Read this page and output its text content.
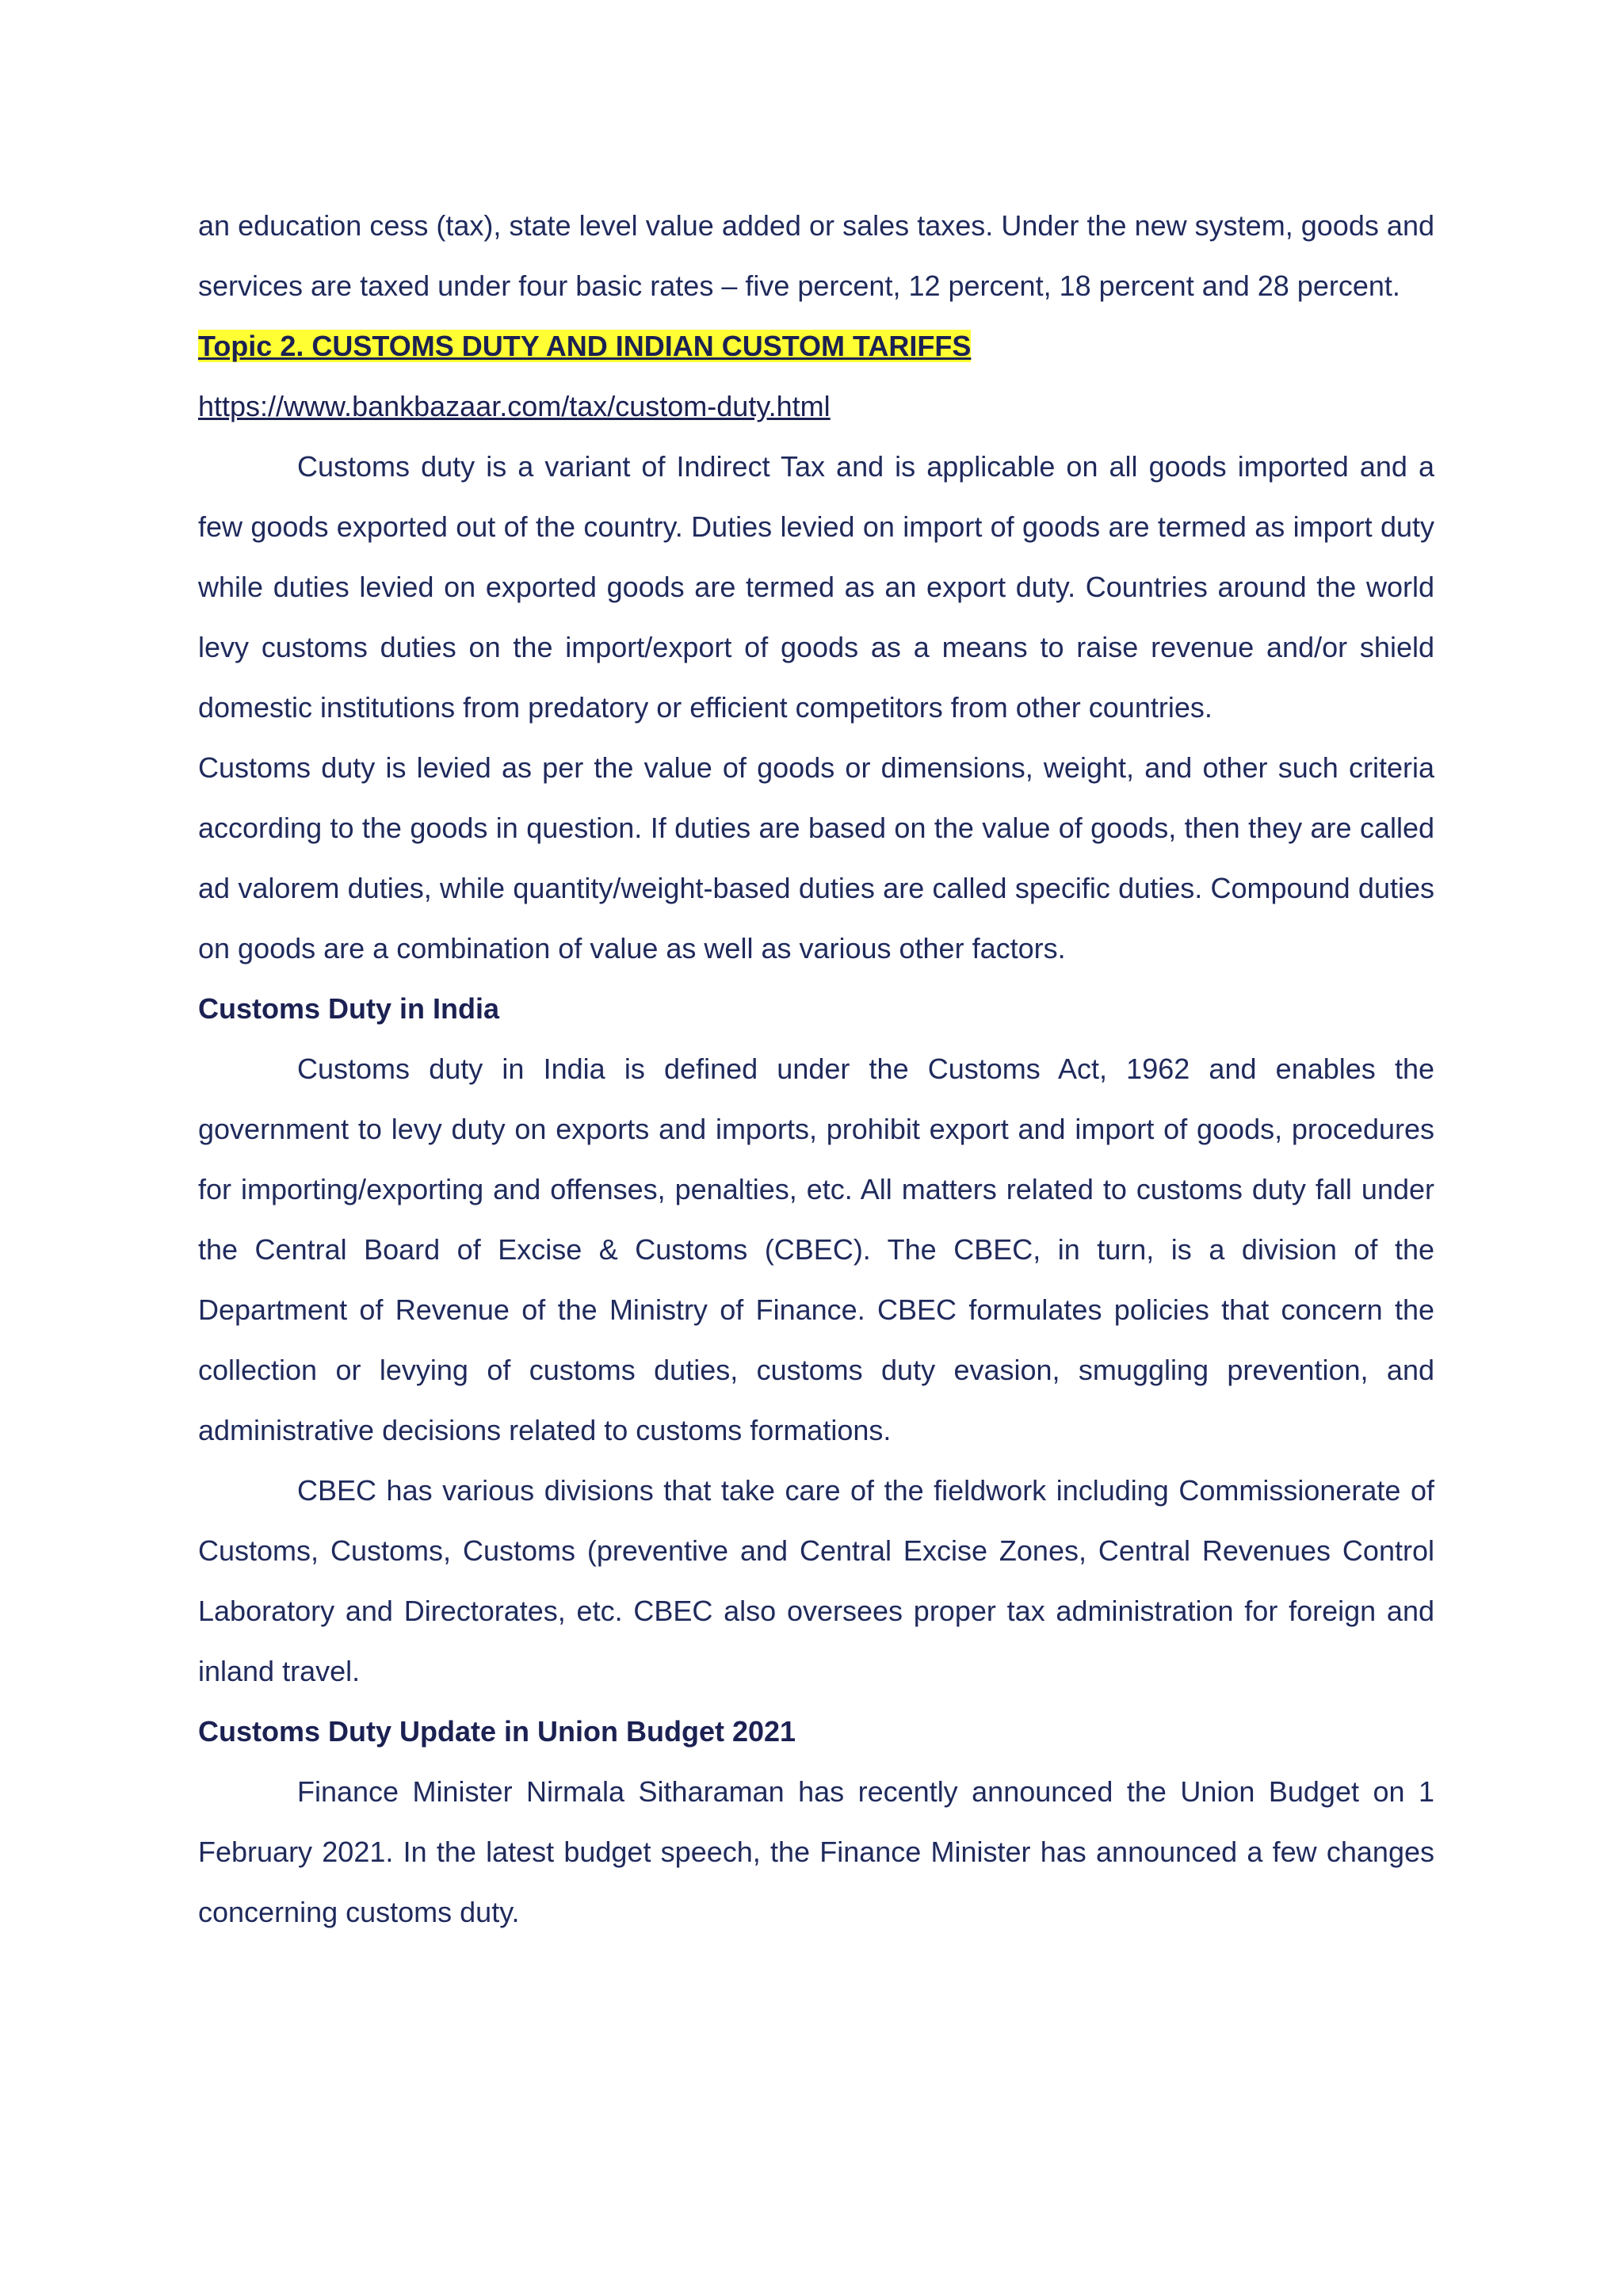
an education cess (tax), state level value added or sales taxes. Under the new system, goods and services are taxed under four basic rates – five percent, 12 percent, 18 percent and 28 percent.

Topic 2. CUSTOMS DUTY AND INDIAN CUSTOM TARIFFS

https://www.bankbazaar.com/tax/custom-duty.html

Customs duty is a variant of Indirect Tax and is applicable on all goods imported and a few goods exported out of the country. Duties levied on import of goods are termed as import duty while duties levied on exported goods are termed as an export duty. Countries around the world levy customs duties on the import/export of goods as a means to raise revenue and/or shield domestic institutions from predatory or efficient competitors from other countries.

Customs duty is levied as per the value of goods or dimensions, weight, and other such criteria according to the goods in question. If duties are based on the value of goods, then they are called ad valorem duties, while quantity/weight-based duties are called specific duties. Compound duties on goods are a combination of value as well as various other factors.

Customs Duty in India

Customs duty in India is defined under the Customs Act, 1962 and enables the government to levy duty on exports and imports, prohibit export and import of goods, procedures for importing/exporting and offenses, penalties, etc. All matters related to customs duty fall under the Central Board of Excise & Customs (CBEC). The CBEC, in turn, is a division of the Department of Revenue of the Ministry of Finance. CBEC formulates policies that concern the collection or levying of customs duties, customs duty evasion, smuggling prevention, and administrative decisions related to customs formations.

CBEC has various divisions that take care of the fieldwork including Commissionerate of Customs, Customs, Customs (preventive and Central Excise Zones, Central Revenues Control Laboratory and Directorates, etc. CBEC also oversees proper tax administration for foreign and inland travel.

Customs Duty Update in Union Budget 2021

Finance Minister Nirmala Sitharaman has recently announced the Union Budget on 1 February 2021. In the latest budget speech, the Finance Minister has announced a few changes concerning customs duty.
